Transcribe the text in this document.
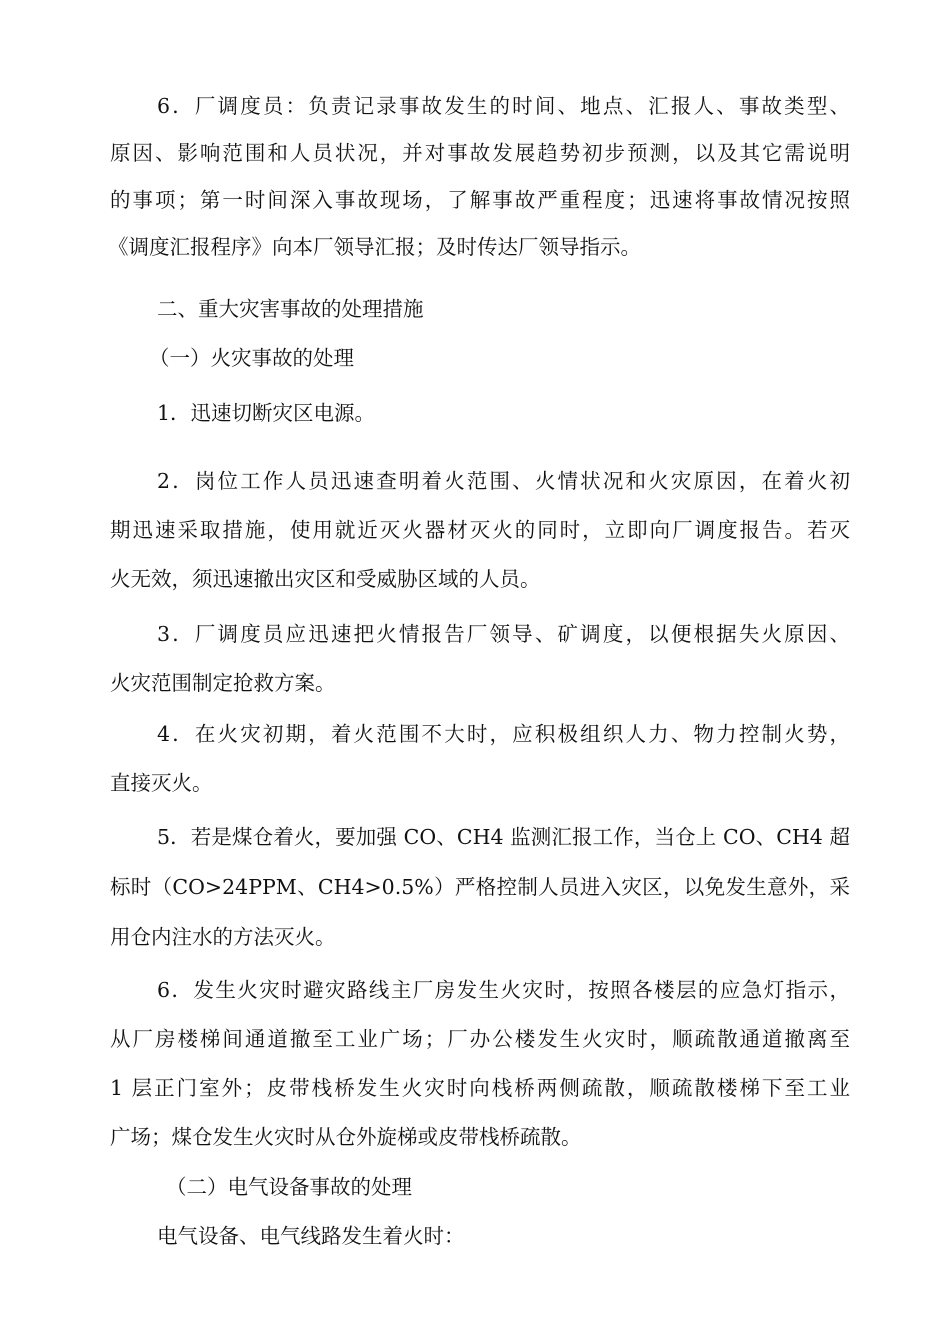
6．厂调度员：负责记录事故发生的时间、地点、汇报人、事故类型、
原因、影响范围和人员状况，并对事故发展趋势初步预测，以及其它需说明
的事项；第一时间深入事故现场，了解事故严重程度；迅速将事故情况按照
《调度汇报程序》向本厂领导汇报；及时传达厂领导指示。
二、重大灾害事故的处理措施
（一）火灾事故的处理
1．迅速切断灾区电源。
2．岗位工作人员迅速查明着火范围、火情状况和火灾原因，在着火初
期迅速采取措施，使用就近灭火器材灭火的同时，立即向厂调度报告。若灭
火无效，须迅速撤出灾区和受威胁区域的人员。
3．厂调度员应迅速把火情报告厂领导、矿调度，以便根据失火原因、
火灾范围制定抢救方案。
4．在火灾初期，着火范围不大时，应积极组织人力、物力控制火势，
直接灭火。
5．若是煤仓着火，要加强 CO、CH4 监测汇报工作，当仓上 CO、CH4 超
标时（CO>24PPM、CH4>0.5%）严格控制人员进入灾区，以免发生意外，采
用仓内注水的方法灭火。
6．发生火灾时避灾路线主厂房发生火灾时，按照各楼层的应急灯指示，
从厂房楼梯间通道撤至工业广场；厂办公楼发生火灾时，顺疏散通道撤离至
1 层正门室外；皮带栈桥发生火灾时向栈桥两侧疏散，顺疏散楼梯下至工业
广场；煤仓发生火灾时从仓外旋梯或皮带栈桥疏散。
（二）电气设备事故的处理
电气设备、电气线路发生着火时：
